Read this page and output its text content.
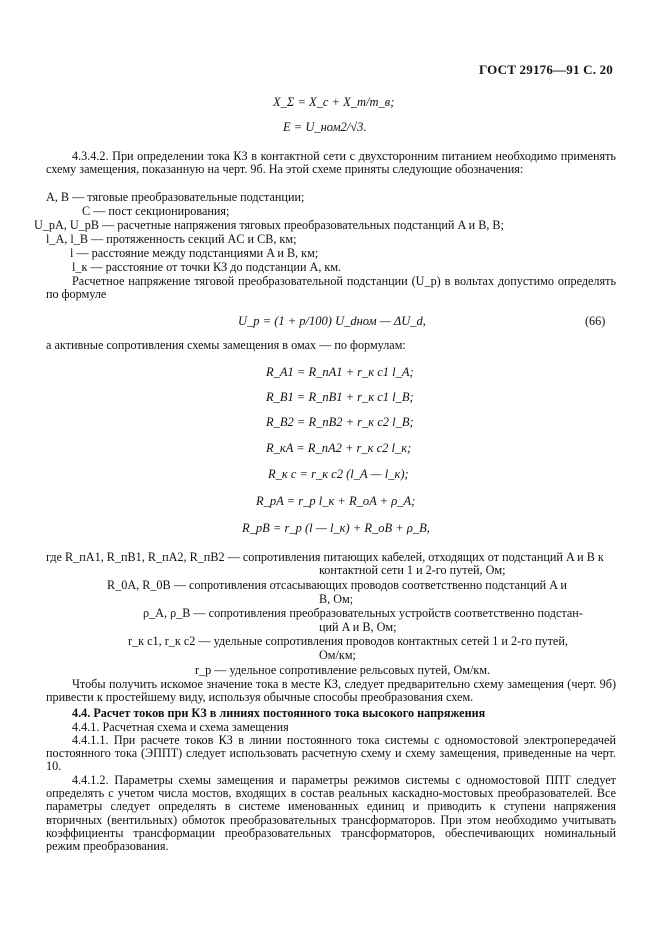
ГОСТ 29176—91 С. 20
X_Σ = X_c + X_т/m_в;
E = U_ном2/√3.
4.3.4.2. При определении тока КЗ в контактной сети с двухсторонним питанием необходимо применять схему замещения, показанную на черт. 9б. На этой схеме приняты следующие обозначения:
A, B — тяговые преобразовательные подстанции;
C — пост секционирования;
U_pA, U_pB — расчетные напряжения тяговых преобразовательных подстанций A и B, В;
l_A, l_B — протяженность секций AC и CB, км;
l — расстояние между подстанциями A и B, км;
l_к — расстояние от точки КЗ до подстанции A, км.
Расчетное напряжение тяговой преобразовательной подстанции (U_p) в вольтах допустимо определять по формуле
U_p = (1 + p/100) U_dном — ΔU_d,	(66)
а активные сопротивления схемы замещения в омах — по формулам:
R_A1 = R_пA1 + r_к с1 l_A;
R_B1 = R_пB1 + r_к с1 l_B;
R_B2 = R_пB2 + r_к с2 l_B;
R_кA = R_пA2 + r_к с2 l_к;
R_к с = r_к с2 (l_A — l_к);
R_pA = r_p l_к + R_оA + ρ_A;
R_pB = r_p (l — l_к) + R_оB + ρ_B,
где R_пA1, R_пB1, R_пA2, R_пB2 — сопротивления питающих кабелей, отходящих от подстанций A и B к
контактной сети 1 и 2-го путей, Ом;
R_0A, R_0B — сопротивления отсасывающих проводов соответственно подстанций A и
B, Ом;
ρ_A, ρ_B — сопротивления преобразовательных устройств соответственно подстан-
ций A и B, Ом;
r_к с1, r_к с2 — удельные сопротивления проводов контактных сетей 1 и 2-го путей,
Ом/км;
r_p — удельное сопротивление рельсовых путей, Ом/км.
Чтобы получить искомое значение тока в месте КЗ, следует предварительно схему замещения (черт. 9б) привести к простейшему виду, используя обычные способы преобразования схем.
4.4. Расчет токов при КЗ в линиях постоянного тока высокого напряжения
4.4.1. Расчетная схема и схема замещения
4.4.1.1. При расчете токов КЗ в линии постоянного тока системы с одномостовой электропередачей постоянного тока (ЭППТ) следует использовать расчетную схему и схему замещения, приведенные на черт. 10.
4.4.1.2. Параметры схемы замещения и параметры режимов системы с одномостовой ППТ следует определять с учетом числа мостов, входящих в состав реальных каскадно-мостовых преобразователей. Все параметры следует определять в системе именованных единиц и приводить к ступени напряжения вторичных (вентильных) обмоток преобразовательных трансформаторов. При этом необходимо учитывать коэффициенты трансформации преобразовательных трансформаторов, обеспечивающих номинальный режим преобразования.
